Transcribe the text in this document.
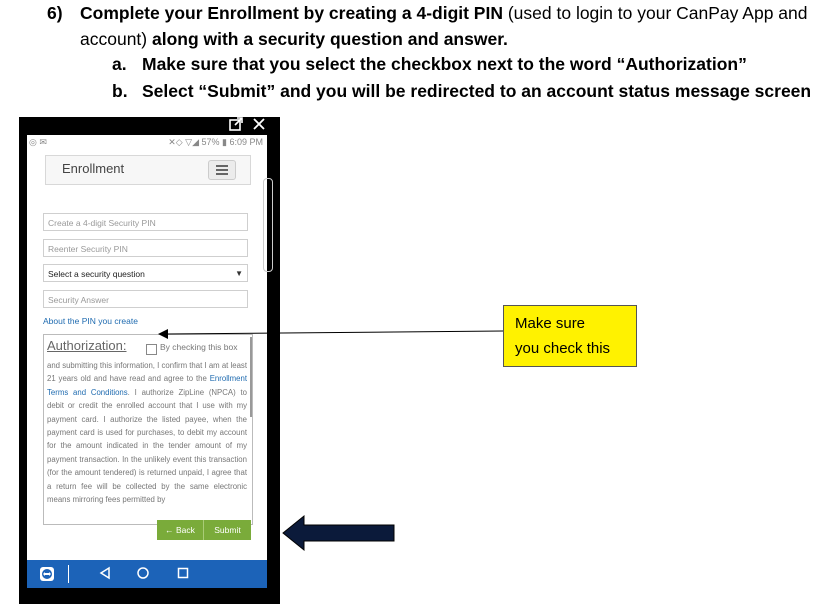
6) Complete your Enrollment by creating a 4-digit PIN (used to login to your CanPay App and account) along with a security question and answer.
a. Make sure that you select the checkbox next to the word “Authorization”
b. Select “Submit” and you will be redirected to an account status message screen
◎ ✉	✕◇ ▽◢ 57% ▮ 6:09 PM
Enrollment
Create a 4-digit Security PIN
Reenter Security PIN
Select a security question	▼
Security Answer
About the PIN you create
Authorization:	By checking this box
and submitting this information, I confirm that I am at least 21 years old and have read and agree to the Enrollment Terms and Conditions. I authorize ZipLine (NPCA) to debit or credit the enrolled account that I use with my payment card. I authorize the listed payee, when the payment card is used for purchases, to debit my account for the amount indicated in the tender amount of my payment transaction. In the unlikely event this transaction (for the amount tendered) is returned unpaid, I agree that a return fee will be collected by the same electronic means mirroring fees permitted by
← Back	Submit
Make sure
you check this
